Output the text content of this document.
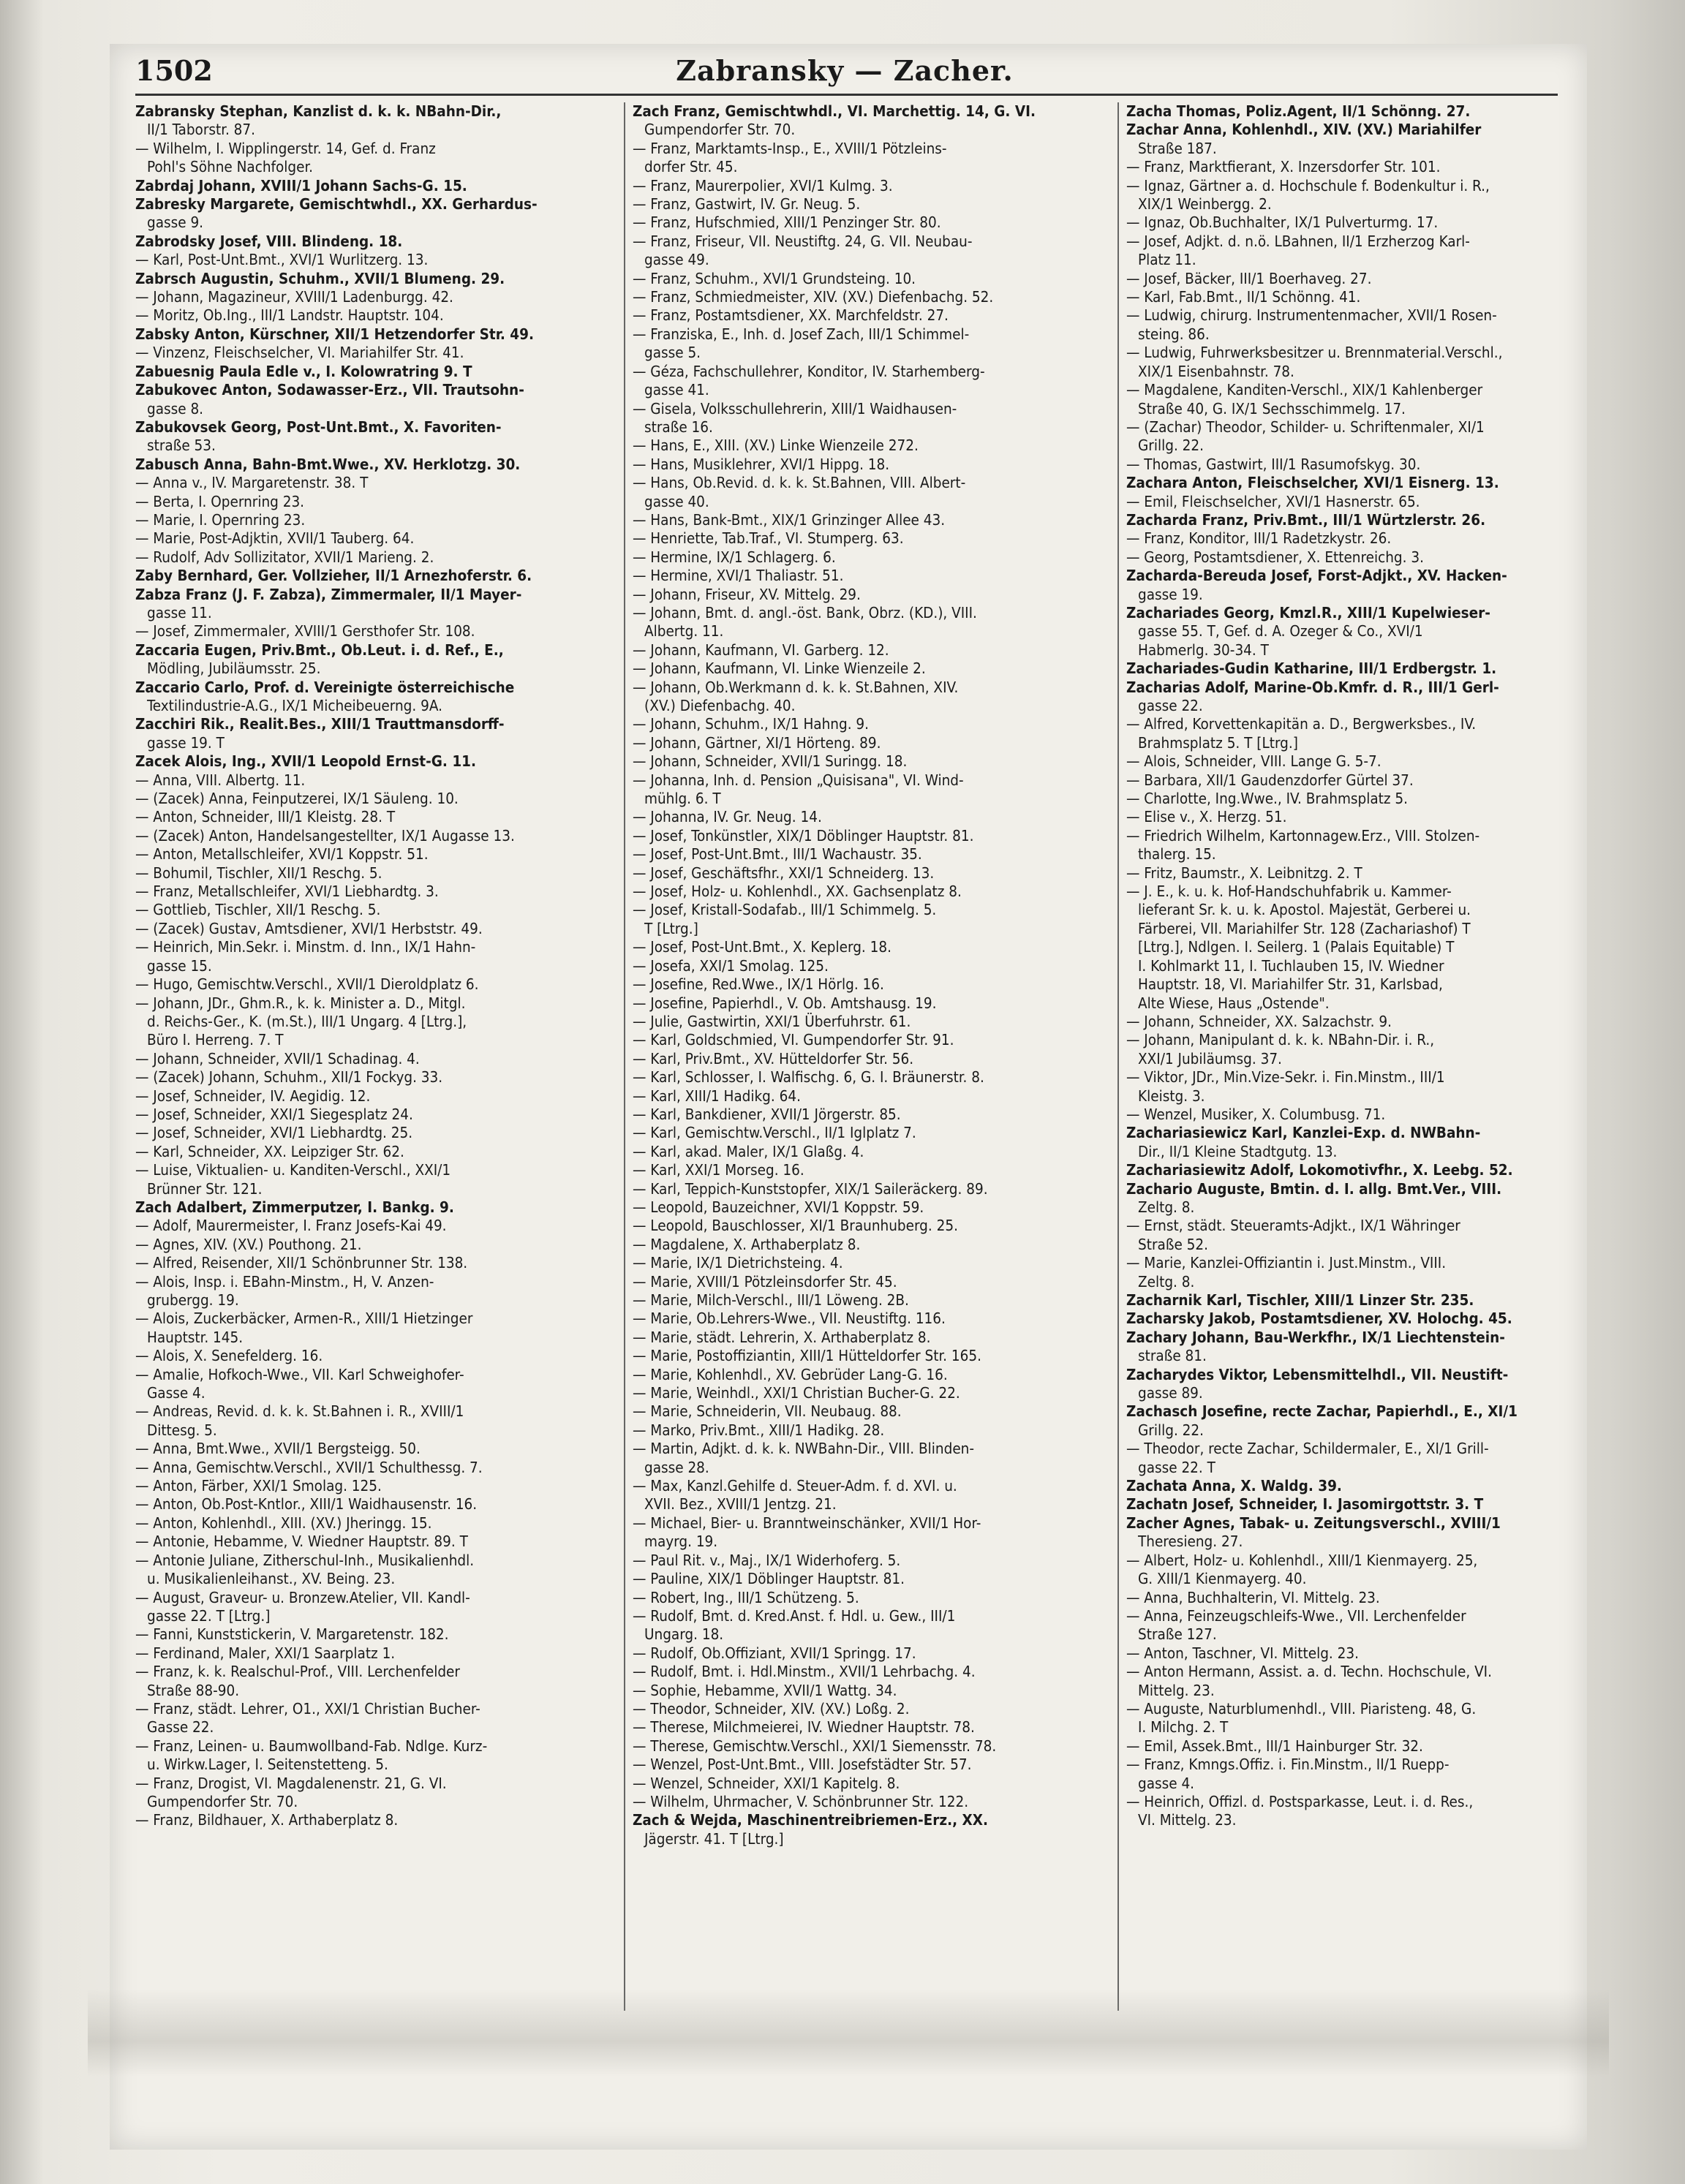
1502	Zabransky — Zacher.
Zabransky Stephan, Kanzlist d. k. k. NBahn-Dir.,
II/1 Taborstr. 87.
— Wilhelm, I. Wipplingerstr. 14, Gef. d. Franz
Pohl's Söhne Nachfolger.
Zabrdaj Johann, XVIII/1 Johann Sachs-G. 15.
Zabresky Margarete, Gemischtwhdl., XX. Gerhardus-
gasse 9.
Zabrodsky Josef, VIII. Blindeng. 18.
— Karl, Post-Unt.Bmt., XVI/1 Wurlitzerg. 13.
Zabrsch Augustin, Schuhm., XVII/1 Blumeng. 29.
— Johann, Magazineur, XVIII/1 Ladenburgg. 42.
— Moritz, Ob.Ing., III/1 Landstr. Hauptstr. 104.
Zabsky Anton, Kürschner, XII/1 Hetzendorfer Str. 49.
— Vinzenz, Fleischselcher, VI. Mariahilfer Str. 41.
Zabuesnig Paula Edle v., I. Kolowratring 9. T
Zabukovec Anton, Sodawasser-Erz., VII. Trautsohn-
gasse 8.
Zabukovsek Georg, Post-Unt.Bmt., X. Favoriten-
straße 53.
Zabusch Anna, Bahn-Bmt.Wwe., XV. Herklotzg. 30.
— Anna v., IV. Margaretenstr. 38. T
— Berta, I. Opernring 23.
— Marie, I. Opernring 23.
— Marie, Post-Adjktin, XVII/1 Tauberg. 64.
— Rudolf, Adv Sollizitator, XVII/1 Marieng. 2.
Zaby Bernhard, Ger. Vollzieher, II/1 Arnezhoferstr. 6.
Zabza Franz (J. F. Zabza), Zimmermaler, II/1 Mayer-
gasse 11.
— Josef, Zimmermaler, XVIII/1 Gersthofer Str. 108.
Zaccaria Eugen, Priv.Bmt., Ob.Leut. i. d. Ref., E.,
Mödling, Jubiläumsstr. 25.
Zaccario Carlo, Prof. d. Vereinigte österreichische
Textilindustrie-A.G., IX/1 Micheibeuerng. 9A.
Zacchiri Rik., Realit.Bes., XIII/1 Trauttmansdorff-
gasse 19. T
Zacek Alois, Ing., XVII/1 Leopold Ernst-G. 11.
— Anna, VIII. Albertg. 11.
— (Zacek) Anna, Feinputzerei, IX/1 Säuleng. 10.
— Anton, Schneider, III/1 Kleistg. 28. T
— (Zacek) Anton, Handelsangestellter, IX/1 Augasse 13.
— Anton, Metallschleifer, XVI/1 Koppstr. 51.
— Bohumil, Tischler, XII/1 Reschg. 5.
— Franz, Metallschleifer, XVI/1 Liebhardtg. 3.
— Gottlieb, Tischler, XII/1 Reschg. 5.
— (Zacek) Gustav, Amtsdiener, XVI/1 Herbststr. 49.
— Heinrich, Min.Sekr. i. Minstm. d. Inn., IX/1 Hahn-
gasse 15.
— Hugo, Gemischtw.Verschl., XVII/1 Dieroldplatz 6.
— Johann, JDr., Ghm.R., k. k. Minister a. D., Mitgl.
d. Reichs-Ger., K. (m.St.), III/1 Ungarg. 4 [Ltrg.],
Büro I. Herreng. 7. T
— Johann, Schneider, XVII/1 Schadinag. 4.
— (Zacek) Johann, Schuhm., XII/1 Fockyg. 33.
— Josef, Schneider, IV. Aegidig. 12.
— Josef, Schneider, XXI/1 Siegesplatz 24.
— Josef, Schneider, XVI/1 Liebhardtg. 25.
— Karl, Schneider, XX. Leipziger Str. 62.
— Luise, Viktualien- u. Kanditen-Verschl., XXI/1
Brünner Str. 121.
Zach Adalbert, Zimmerputzer, I. Bankg. 9.
— Adolf, Maurermeister, I. Franz Josefs-Kai 49.
— Agnes, XIV. (XV.) Pouthong. 21.
— Alfred, Reisender, XII/1 Schönbrunner Str. 138.
— Alois, Insp. i. EBahn-Minstm., H, V. Anzen-
grubergg. 19.
— Alois, Zuckerbäcker, Armen-R., XIII/1 Hietzinger
Hauptstr. 145.
— Alois, X. Senefelderg. 16.
— Amalie, Hofkoch-Wwe., VII. Karl Schweighofer-
Gasse 4.
— Andreas, Revid. d. k. k. St.Bahnen i. R., XVIII/1
Dittesg. 5.
— Anna, Bmt.Wwe., XVII/1 Bergsteigg. 50.
— Anna, Gemischtw.Verschl., XVII/1 Schulthessg. 7.
— Anton, Färber, XXI/1 Smolag. 125.
— Anton, Ob.Post-Kntlor., XIII/1 Waidhausenstr. 16.
— Anton, Kohlenhdl., XIII. (XV.) Jheringg. 15.
— Antonie, Hebamme, V. Wiedner Hauptstr. 89. T
— Antonie Juliane, Zitherschul-Inh., Musikalienhdl.
u. Musikalienleihanst., XV. Being. 23.
— August, Graveur- u. Bronzew.Atelier, VII. Kandl-
gasse 22. T [Ltrg.]
— Fanni, Kunststickerin, V. Margaretenstr. 182.
— Ferdinand, Maler, XXI/1 Saarplatz 1.
— Franz, k. k. Realschul-Prof., VIII. Lerchenfelder
Straße 88-90.
— Franz, städt. Lehrer, O1., XXI/1 Christian Bucher-
Gasse 22.
— Franz, Leinen- u. Baumwollband-Fab. Ndlge. Kurz-
u. Wirkw.Lager, I. Seitenstetteng. 5.
— Franz, Drogist, VI. Magdalenenstr. 21, G. VI.
Gumpendorfer Str. 70.
— Franz, Bildhauer, X. Arthaberplatz 8.
Zach Franz, Gemischtwhdl., VI. Marchettig. 14, G. VI.
Gumpendorfer Str. 70.
— Franz, Marktamts-Insp., E., XVIII/1 Pötzleins-
dorfer Str. 45.
— Franz, Maurerpolier, XVI/1 Kulmg. 3.
— Franz, Gastwirt, IV. Gr. Neug. 5.
— Franz, Hufschmied, XIII/1 Penzinger Str. 80.
— Franz, Friseur, VII. Neustiftg. 24, G. VII. Neubau-
gasse 49.
— Franz, Schuhm., XVI/1 Grundsteing. 10.
— Franz, Schmiedmeister, XIV. (XV.) Diefenbachg. 52.
— Franz, Postamtsdiener, XX. Marchfeldstr. 27.
— Franziska, E., Inh. d. Josef Zach, III/1 Schimmel-
gasse 5.
— Géza, Fachschullehrer, Konditor, IV. Starhemberg-
gasse 41.
— Gisela, Volksschullehrerin, XIII/1 Waidhausen-
straße 16.
— Hans, E., XIII. (XV.) Linke Wienzeile 272.
— Hans, Musiklehrer, XVI/1 Hippg. 18.
— Hans, Ob.Revid. d. k. k. St.Bahnen, VIII. Albert-
gasse 40.
— Hans, Bank-Bmt., XIX/1 Grinzinger Allee 43.
— Henriette, Tab.Traf., VI. Stumperg. 63.
— Hermine, IX/1 Schlagerg. 6.
— Hermine, XVI/1 Thaliastr. 51.
— Johann, Friseur, XV. Mittelg. 29.
— Johann, Bmt. d. angl.-öst. Bank, Obrz. (KD.), VIII.
Albertg. 11.
— Johann, Kaufmann, VI. Garberg. 12.
— Johann, Kaufmann, VI. Linke Wienzeile 2.
— Johann, Ob.Werkmann d. k. k. St.Bahnen, XIV.
(XV.) Diefenbachg. 40.
— Johann, Schuhm., IX/1 Hahng. 9.
— Johann, Gärtner, XI/1 Hörteng. 89.
— Johann, Schneider, XVII/1 Suringg. 18.
— Johanna, Inh. d. Pension „Quisisana", VI. Wind-
mühlg. 6. T
— Johanna, IV. Gr. Neug. 14.
— Josef, Tonkünstler, XIX/1 Döblinger Hauptstr. 81.
— Josef, Post-Unt.Bmt., III/1 Wachaustr. 35.
— Josef, Geschäftsfhr., XXI/1 Schneiderg. 13.
— Josef, Holz- u. Kohlenhdl., XX. Gachsenplatz 8.
— Josef, Kristall-Sodafab., III/1 Schimmelg. 5.
T [Ltrg.]
— Josef, Post-Unt.Bmt., X. Keplerg. 18.
— Josefa, XXI/1 Smolag. 125.
— Josefine, Red.Wwe., IX/1 Hörlg. 16.
— Josefine, Papierhdl., V. Ob. Amtshausg. 19.
— Julie, Gastwirtin, XXI/1 Überfuhrstr. 61.
— Karl, Goldschmied, VI. Gumpendorfer Str. 91.
— Karl, Priv.Bmt., XV. Hütteldorfer Str. 56.
— Karl, Schlosser, I. Walfischg. 6, G. I. Bräunerstr. 8.
— Karl, XIII/1 Hadikg. 64.
— Karl, Bankdiener, XVII/1 Jörgerstr. 85.
— Karl, Gemischtw.Verschl., II/1 Iglplatz 7.
— Karl, akad. Maler, IX/1 Glaßg. 4.
— Karl, XXI/1 Morseg. 16.
— Karl, Teppich-Kunststopfer, XIX/1 Saileräckerg. 89.
— Leopold, Bauzeichner, XVI/1 Koppstr. 59.
— Leopold, Bauschlosser, XI/1 Braunhuberg. 25.
— Magdalene, X. Arthaberplatz 8.
— Marie, IX/1 Dietrichsteing. 4.
— Marie, XVIII/1 Pötzleinsdorfer Str. 45.
— Marie, Milch-Verschl., III/1 Löweng. 2B.
— Marie, Ob.Lehrers-Wwe., VII. Neustiftg. 116.
— Marie, städt. Lehrerin, X. Arthaberplatz 8.
— Marie, Postoffiziantin, XIII/1 Hütteldorfer Str. 165.
— Marie, Kohlenhdl., XV. Gebrüder Lang-G. 16.
— Marie, Weinhdl., XXI/1 Christian Bucher-G. 22.
— Marie, Schneiderin, VII. Neubaug. 88.
— Marko, Priv.Bmt., XIII/1 Hadikg. 28.
— Martin, Adjkt. d. k. k. NWBahn-Dir., VIII. Blinden-
gasse 28.
— Max, Kanzl.Gehilfe d. Steuer-Adm. f. d. XVI. u.
XVII. Bez., XVIII/1 Jentzg. 21.
— Michael, Bier- u. Branntweinschänker, XVII/1 Hor-
mayrg. 19.
— Paul Rit. v., Maj., IX/1 Widerhoferg. 5.
— Pauline, XIX/1 Döblinger Hauptstr. 81.
— Robert, Ing., III/1 Schützeng. 5.
— Rudolf, Bmt. d. Kred.Anst. f. Hdl. u. Gew., III/1
Ungarg. 18.
— Rudolf, Ob.Offiziant, XVII/1 Springg. 17.
— Rudolf, Bmt. i. Hdl.Minstm., XVII/1 Lehrbachg. 4.
— Sophie, Hebamme, XVII/1 Wattg. 34.
— Theodor, Schneider, XIV. (XV.) Loßg. 2.
— Therese, Milchmeierei, IV. Wiedner Hauptstr. 78.
— Therese, Gemischtw.Verschl., XXI/1 Siemensstr. 78.
— Wenzel, Post-Unt.Bmt., VIII. Josefstädter Str. 57.
— Wenzel, Schneider, XXI/1 Kapitelg. 8.
— Wilhelm, Uhrmacher, V. Schönbrunner Str. 122.
Zach & Wejda, Maschinentreibriemen-Erz., XX.
Jägerstr. 41. T [Ltrg.]
Zacha Thomas, Poliz.Agent, II/1 Schönng. 27.
Zachar Anna, Kohlenhdl., XIV. (XV.) Mariahilfer
Straße 187.
— Franz, Marktfierant, X. Inzersdorfer Str. 101.
— Ignaz, Gärtner a. d. Hochschule f. Bodenkultur i. R.,
XIX/1 Weinbergg. 2.
— Ignaz, Ob.Buchhalter, IX/1 Pulverturmg. 17.
— Josef, Adjkt. d. n.ö. LBahnen, II/1 Erzherzog Karl-
Platz 11.
— Josef, Bäcker, III/1 Boerhaveg. 27.
— Karl, Fab.Bmt., II/1 Schönng. 41.
— Ludwig, chirurg. Instrumentenmacher, XVII/1 Rosen-
steing. 86.
— Ludwig, Fuhrwerksbesitzer u. Brennmaterial.Verschl.,
XIX/1 Eisenbahnstr. 78.
— Magdalene, Kanditen-Verschl., XIX/1 Kahlenberger
Straße 40, G. IX/1 Sechsschimmelg. 17.
— (Zachar) Theodor, Schilder- u. Schriftenmaler, XI/1
Grillg. 22.
— Thomas, Gastwirt, III/1 Rasumofskyg. 30.
Zachara Anton, Fleischselcher, XVI/1 Eisnerg. 13.
— Emil, Fleischselcher, XVI/1 Hasnerstr. 65.
Zacharda Franz, Priv.Bmt., III/1 Würtzlerstr. 26.
— Franz, Konditor, III/1 Radetzkystr. 26.
— Georg, Postamtsdiener, X. Ettenreichg. 3.
Zacharda-Bereuda Josef, Forst-Adjkt., XV. Hacken-
gasse 19.
Zachariades Georg, Kmzl.R., XIII/1 Kupelwieser-
gasse 55. T, Gef. d. A. Ozeger & Co., XVI/1
Habmerlg. 30-34. T
Zachariades-Gudin Katharine, III/1 Erdbergstr. 1.
Zacharias Adolf, Marine-Ob.Kmfr. d. R., III/1 Gerl-
gasse 22.
— Alfred, Korvettenkapitän a. D., Bergwerksbes., IV.
Brahmsplatz 5. T [Ltrg.]
— Alois, Schneider, VIII. Lange G. 5-7.
— Barbara, XII/1 Gaudenzdorfer Gürtel 37.
— Charlotte, Ing.Wwe., IV. Brahmsplatz 5.
— Elise v., X. Herzg. 51.
— Friedrich Wilhelm, Kartonnagew.Erz., VIII. Stolzen-
thalerg. 15.
— Fritz, Baumstr., X. Leibnitzg. 2. T
— J. E., k. u. k. Hof-Handschuhfabrik u. Kammer-
lieferant Sr. k. u. k. Apostol. Majestät, Gerberei u.
Färberei, VII. Mariahilfer Str. 128 (Zachariashof) T
[Ltrg.], Ndlgen. I. Seilerg. 1 (Palais Equitable) T
I. Kohlmarkt 11, I. Tuchlauben 15, IV. Wiedner
Hauptstr. 18, VI. Mariahilfer Str. 31, Karlsbad,
Alte Wiese, Haus „Ostende".
— Johann, Schneider, XX. Salzachstr. 9.
— Johann, Manipulant d. k. k. NBahn-Dir. i. R.,
XXI/1 Jubiläumsg. 37.
— Viktor, JDr., Min.Vize-Sekr. i. Fin.Minstm., III/1
Kleistg. 3.
— Wenzel, Musiker, X. Columbusg. 71.
Zachariasiewicz Karl, Kanzlei-Exp. d. NWBahn-
Dir., II/1 Kleine Stadtgutg. 13.
Zachariasiewitz Adolf, Lokomotivfhr., X. Leebg. 52.
Zachario Auguste, Bmtin. d. I. allg. Bmt.Ver., VIII.
Zeltg. 8.
— Ernst, städt. Steueramts-Adjkt., IX/1 Währinger
Straße 52.
— Marie, Kanzlei-Offiziantin i. Just.Minstm., VIII.
Zeltg. 8.
Zacharnik Karl, Tischler, XIII/1 Linzer Str. 235.
Zacharsky Jakob, Postamtsdiener, XV. Holochg. 45.
Zachary Johann, Bau-Werkfhr., IX/1 Liechtenstein-
straße 81.
Zacharydes Viktor, Lebensmittelhdl., VII. Neustift-
gasse 89.
Zachasch Josefine, recte Zachar, Papierhdl., E., XI/1
Grillg. 22.
— Theodor, recte Zachar, Schildermaler, E., XI/1 Grill-
gasse 22. T
Zachata Anna, X. Waldg. 39.
Zachatn Josef, Schneider, I. Jasomirgottstr. 3. T
Zacher Agnes, Tabak- u. Zeitungsverschl., XVIII/1
Theresieng. 27.
— Albert, Holz- u. Kohlenhdl., XIII/1 Kienmayerg. 25,
G. XIII/1 Kienmayerg. 40.
— Anna, Buchhalterin, VI. Mittelg. 23.
— Anna, Feinzeugschleifs-Wwe., VII. Lerchenfelder
Straße 127.
— Anton, Taschner, VI. Mittelg. 23.
— Anton Hermann, Assist. a. d. Techn. Hochschule, VI.
Mittelg. 23.
— Auguste, Naturblumenhdl., VIII. Piaristeng. 48, G.
I. Milchg. 2. T
— Emil, Assek.Bmt., III/1 Hainburger Str. 32.
— Franz, Kmngs.Offiz. i. Fin.Minstm., II/1 Ruepp-
gasse 4.
— Heinrich, Offizl. d. Postsparkasse, Leut. i. d. Res.,
VI. Mittelg. 23.
